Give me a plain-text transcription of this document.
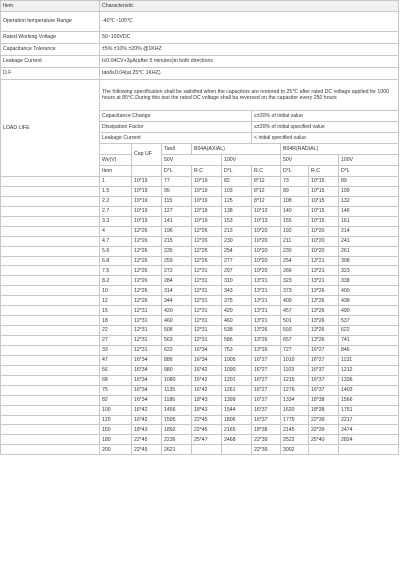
Item	Characteristic									
Operation temperature Range	-40℃~105℃									
Rated Working Voltage	50~100VDC									
Capacitance Tolerance	±5% ±10% ±20% @1KHZ									
Leakage Current	I≤0.04CV+3μA(after 5 minutes)in both directions									
D.F	tanδ≤0.04(at 25℃ 1KHZ)									
LOAD LIFE	The following specification shall be satisfied when the capacitors are restored to 25℃ after rated DC voltage applied for 1000 hours at 85℃.During this test the rated DC voltage shall ba reversed on the capacitor every 250 hours									
	Capacitance Change					≤±20% of initial value				
	Dissipation Factor					≤±20% of initial specified value				
	Leakage Current					< initial specified value				
		Cap UF	Tanδ	B04A(AXIAL)			B04R(RADIAL)			
	Wv(V)		50V		100V		50V		100V	
	Item		D*L	R.C	D*L	R.C	D*L	R.C	D*L	
	1	10*19	77	10*19	82	8*12	73	10*15	89	
	1.5	10*19	95	10*19	103	8*12	89	10*15	109	
	2.2	10*19	115	10*19	125	8*12	108	10*15	132	
	2.7	10*19	127	10*19	138	10*13	140	10*15	146	
	3.3	10*19	141	10*19	153	10*13	155	10*15	161	
	4	12*26	196	12*26	213	10*20	192	10*20	214	
	4.7	12*26	215	12*26	230	10*20	211	10*20	241	
	5.6	12*26	235	12*26	254	10*20	230	10*20	261	
	6.8	12*26	259	12*26	277	10*20	254	13*21	308	
	7.5	12*26	272	12*31	297	10*20	266	13*21	323	
	8.2	12*26	284	12*31	310	13*21	323	13*21	338	
	10	12*26	314	12*31	343	13*21	373	13*26	400	
	12	12*26	344	12*31	375	13*21	409	13*26	438	
	15	12*31	420	12*31	420	13*21	457	13*26	490	
	18	12*31	460	12*31	460	13*21	501	13*26	537	
	22	12*31	508	12*31	538	13*26	593	13*26	622	
	27	12*31	563	12*31	586	13*26	657	13*26	741	
	33	12*31	622	16*34	753	13*26	727	16*27	846	
	47	16*34	886	16*34	1005	16*27	1010	16*27	1131	
	56	16*34	980	16*42	1090	16*27	1103	16*37	1212	
	68	16*34	1080	16*42	1201	16*27	1215	16*37	1336	
	75	16*34	1135	16*42	1261	16*27	1276	16*37	1403	
	82	16*34	1186	18*43	1399	16*27	1334	18*38	1566	
	100	16*42	1456	18*43	1544	16*37	1620	18*38	1751	
	120	16*42	1595	22*45	1806	16*37	1775	22*39	2217	
	150	18*43	1892	22*45	2165	18*38	2145	22*39	2474	
	180	22*45	2236	25*47	2468	22*39	2522	25*40	2824	
	200	22*45	2621			22*39	3002			
